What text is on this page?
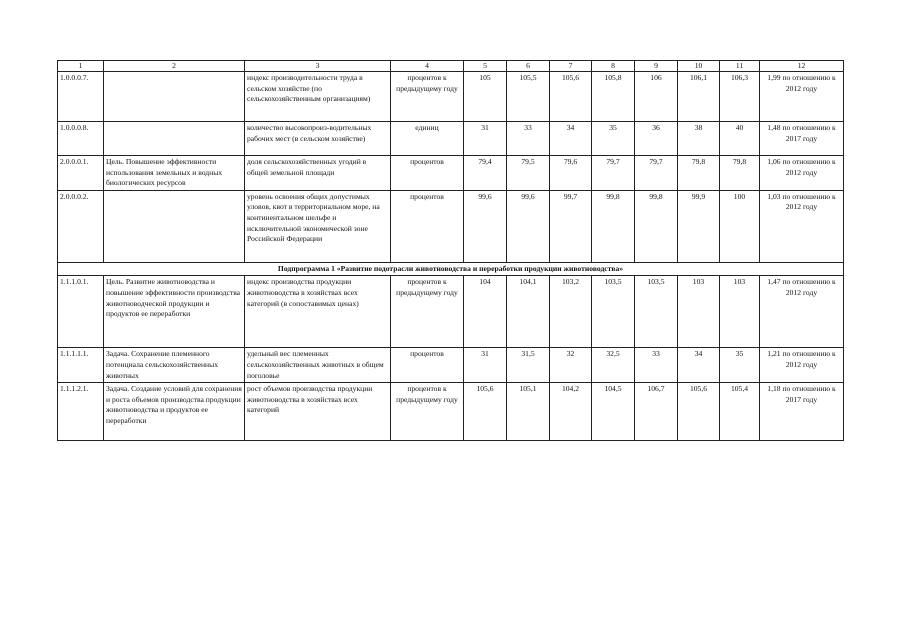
1	2	3	4	5	6	7	8	9	10	11	12
1.0.0.0.7.		индекс производительности труда в сельском хозяйстве (по сельскохозяйственным организациям)	процентов к предыдущему году	105	105,5	105,6	105,8	106	106,1	106,3	1,99 по отношению к 2012 году
1.0.0.0.8.		количество высокопроиз-водительных рабочих мест (в сельском хозяйстве)	единиц	31	33	34	35	36	38	40	1,48 по отношению к 2017 году
2.0.0.0.1.	Цель. Повышение эффективности использования земельных и водных биологических ресурсов	доля сельскохозяйственных угодий в общей земельной площади	процентов	79,4	79,5	79,6	79,7	79,7	79,8	79,8	1,06 по отношению к 2012 году
2.0.0.0.2.		уровень освоения общих допустимых уловов, квот в территориальном море, на континентальном шельфе и исключительной экономической зоне Российской Федерации	процентов	99,6	99,6	99,7	99,8	99,8	99,9	100	1,03 по отношению к 2012 году
Подпрограмма 1 «Развитие подотрасли животноводства и переработки продукции животноводства»											
1.1.1.0.1.	Цель. Развитие животноводства и повышение эффективности производства животноводческой продукции и продуктов ее переработки	индекс производства продукции животноводства в хозяйствах всех категорий (в сопоставимых ценах)	процентов к предыдущему году	104	104,1	103,2	103,5	103,5	103	103	1,47 по отношению к 2012 году
1.1.1.1.1.	Задача. Сохранение племенного потенциала сельскохозяйственных животных	удельный вес племенных сельскохозяйственных животных в общем поголовье	процентов	31	31,5	32	32,5	33	34	35	1,21 по отношению к 2012 году
1.1.1.2.1.	Задача. Создание условий для сохранения и роста объемов производства продукции животноводства и продуктов ее переработки	рост объемов производства продукции животноводства в хозяйствах всех категорий	процентов к предыдущему году	105,6	105,1	104,2	104,5	106,7	105,6	105,4	1,18 по отношению к 2017 году
